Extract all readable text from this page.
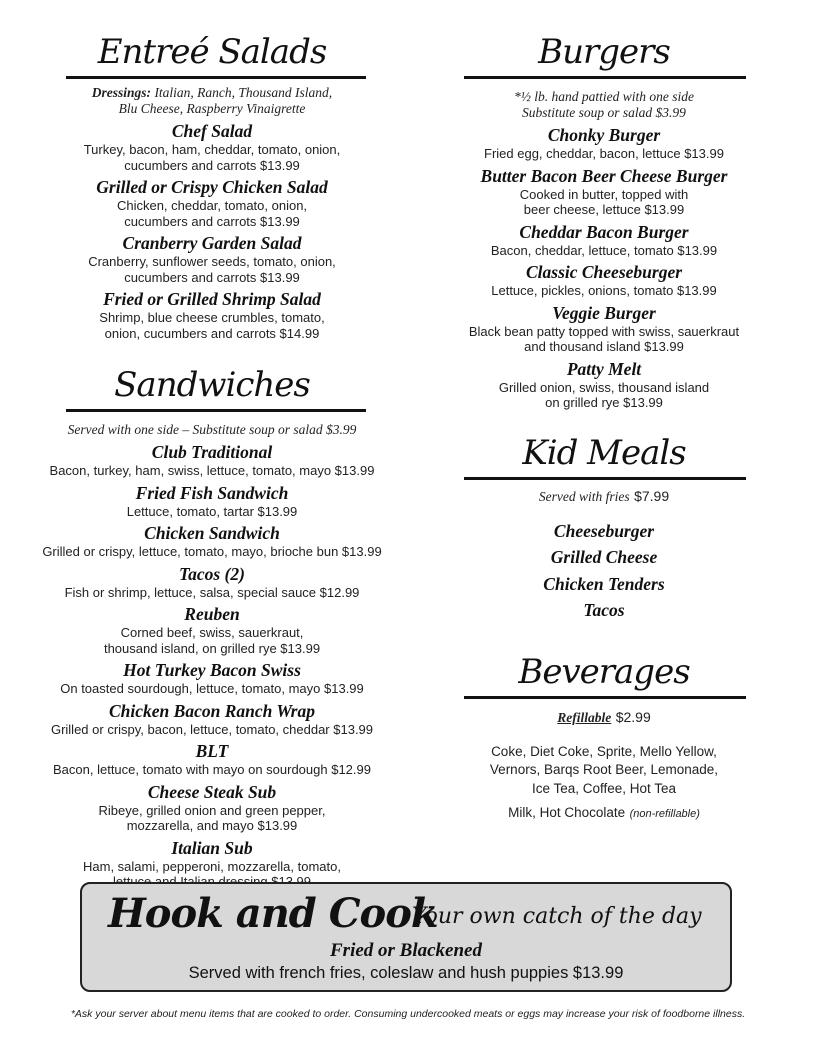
Entreé Salads
Dressings: Italian, Ranch, Thousand Island,
Blu Cheese, Raspberry Vinaigrette
Chef Salad
Turkey, bacon, ham, cheddar, tomato, onion,
cucumbers and carrots $13.99
Grilled or Crispy Chicken Salad
Chicken, cheddar, tomato, onion,
cucumbers and carrots $13.99
Cranberry Garden Salad
Cranberry, sunflower seeds, tomato, onion,
cucumbers and carrots $13.99
Fried or Grilled Shrimp Salad
Shrimp, blue cheese crumbles, tomato,
onion, cucumbers and carrots $14.99
Sandwiches
Served with one side – Substitute soup or salad $3.99
Club Traditional
Bacon, turkey, ham, swiss, lettuce, tomato, mayo $13.99
Fried Fish Sandwich
Lettuce, tomato, tartar $13.99
Chicken Sandwich
Grilled or crispy, lettuce, tomato, mayo, brioche bun $13.99
Tacos (2)
Fish or shrimp, lettuce, salsa, special sauce $12.99
Reuben
Corned beef, swiss, sauerkraut,
thousand island, on grilled rye $13.99
Hot Turkey Bacon Swiss
On toasted sourdough, lettuce, tomato, mayo $13.99
Chicken Bacon Ranch Wrap
Grilled or crispy, bacon, lettuce, tomato, cheddar $13.99
BLT
Bacon, lettuce, tomato with mayo on sourdough $12.99
Cheese Steak Sub
Ribeye, grilled onion and green pepper,
mozzarella, and mayo $13.99
Italian Sub
Ham, salami, pepperoni, mozzarella, tomato,
Burgers
*½ lb. hand pattied with one side
Substitute soup or salad $3.99
Chonky Burger
Fried egg, cheddar, bacon, lettuce $13.99
Butter Bacon Beer Cheese Burger
Cooked in butter, topped with
beer cheese, lettuce $13.99
Cheddar Bacon Burger
Bacon, cheddar, lettuce, tomato $13.99
Classic Cheeseburger
Lettuce, pickles, onions, tomato $13.99
Veggie Burger
Black bean patty topped with swiss, sauerkraut
and thousand island $13.99
Patty Melt
Grilled onion, swiss, thousand island
on grilled rye $13.99
Kid Meals
Served with fries $7.99
Cheeseburger
Grilled Cheese
Chicken Tenders
Tacos
Beverages
Refillable $2.99
Coke, Diet Coke, Sprite, Mello Yellow,
Vernors, Barqs Root Beer, Lemonade,
Ice Tea, Coffee, Hot Tea
Milk, Hot Chocolate (non-refillable)
Hook and Cook
Your own catch of the day
Fried or Blackened
Served with french fries, coleslaw and hush puppies $13.99
*Ask your server about menu items that are cooked to order. Consuming undercooked meats or eggs may increase your risk of foodborne illness.
